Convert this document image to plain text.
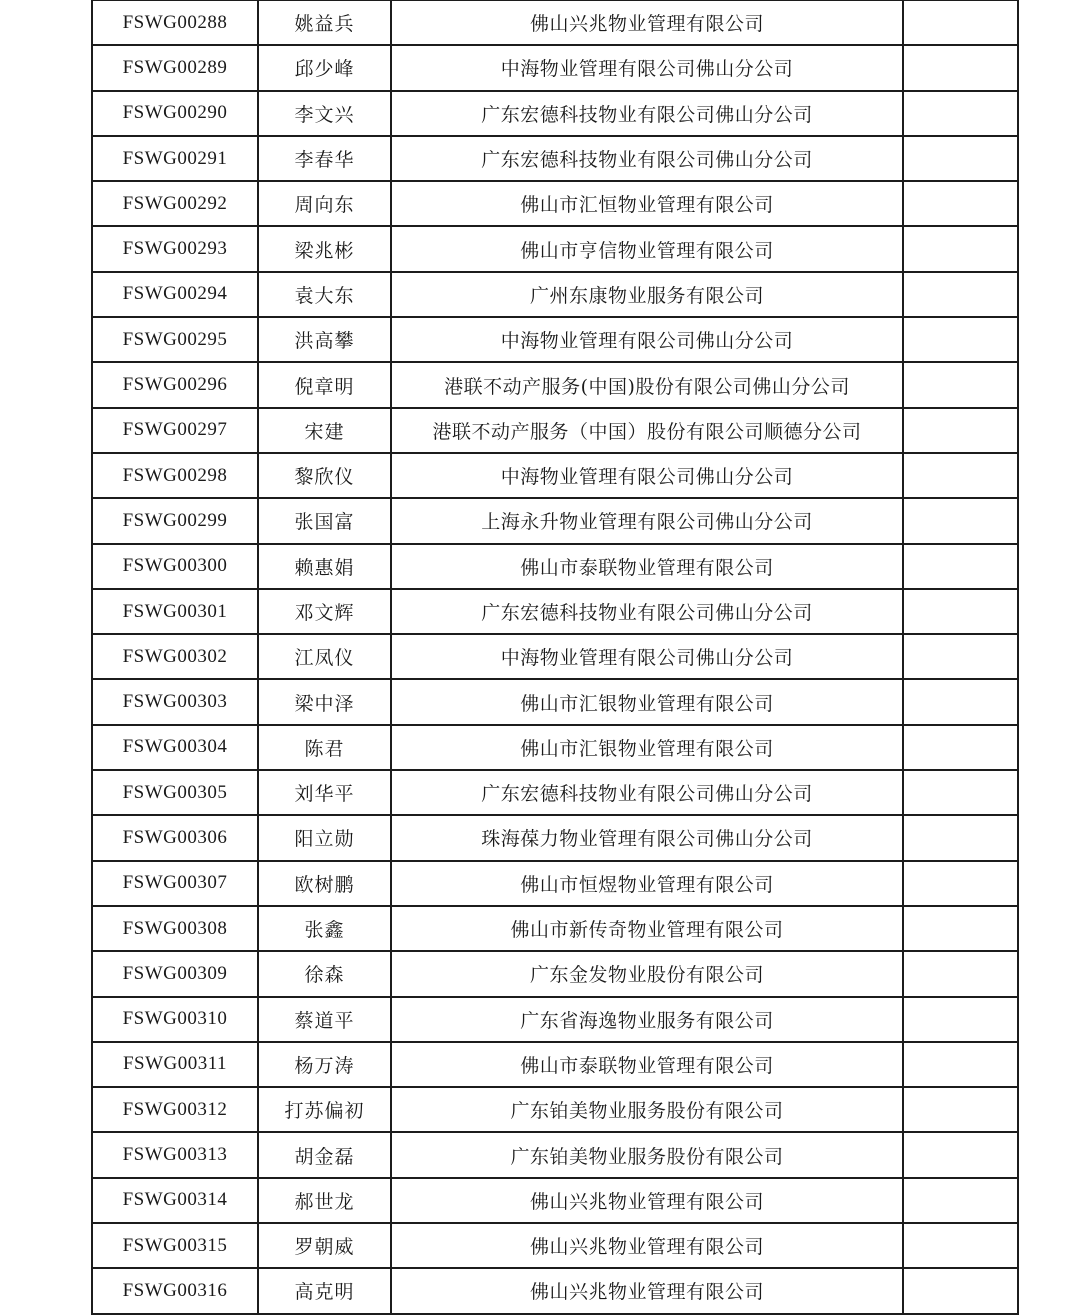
FSWG00288	姚益兵	佛山兴兆物业管理有限公司	
FSWG00289	邱少峰	中海物业管理有限公司佛山分公司	
FSWG00290	李文兴	广东宏德科技物业有限公司佛山分公司	
FSWG00291	李春华	广东宏德科技物业有限公司佛山分公司	
FSWG00292	周向东	佛山市汇恒物业管理有限公司	
FSWG00293	梁兆彬	佛山市亨信物业管理有限公司	
FSWG00294	袁大东	广州东康物业服务有限公司	
FSWG00295	洪高攀	中海物业管理有限公司佛山分公司	
FSWG00296	倪章明	港联不动产服务(中国)股份有限公司佛山分公司	
FSWG00297	宋建	港联不动产服务（中国）股份有限公司顺德分公司	
FSWG00298	黎欣仪	中海物业管理有限公司佛山分公司	
FSWG00299	张国富	上海永升物业管理有限公司佛山分公司	
FSWG00300	赖惠娟	佛山市泰联物业管理有限公司	
FSWG00301	邓文辉	广东宏德科技物业有限公司佛山分公司	
FSWG00302	江凤仪	中海物业管理有限公司佛山分公司	
FSWG00303	梁中泽	佛山市汇银物业管理有限公司	
FSWG00304	陈君	佛山市汇银物业管理有限公司	
FSWG00305	刘华平	广东宏德科技物业有限公司佛山分公司	
FSWG00306	阳立勋	珠海葆力物业管理有限公司佛山分公司	
FSWG00307	欧树鹏	佛山市恒煜物业管理有限公司	
FSWG00308	张鑫	佛山市新传奇物业管理有限公司	
FSWG00309	徐森	广东金发物业股份有限公司	
FSWG00310	蔡道平	广东省海逸物业服务有限公司	
FSWG00311	杨万涛	佛山市泰联物业管理有限公司	
FSWG00312	打苏偏初	广东铂美物业服务股份有限公司	
FSWG00313	胡金磊	广东铂美物业服务股份有限公司	
FSWG00314	郝世龙	佛山兴兆物业管理有限公司	
FSWG00315	罗朝威	佛山兴兆物业管理有限公司	
FSWG00316	高克明	佛山兴兆物业管理有限公司	
